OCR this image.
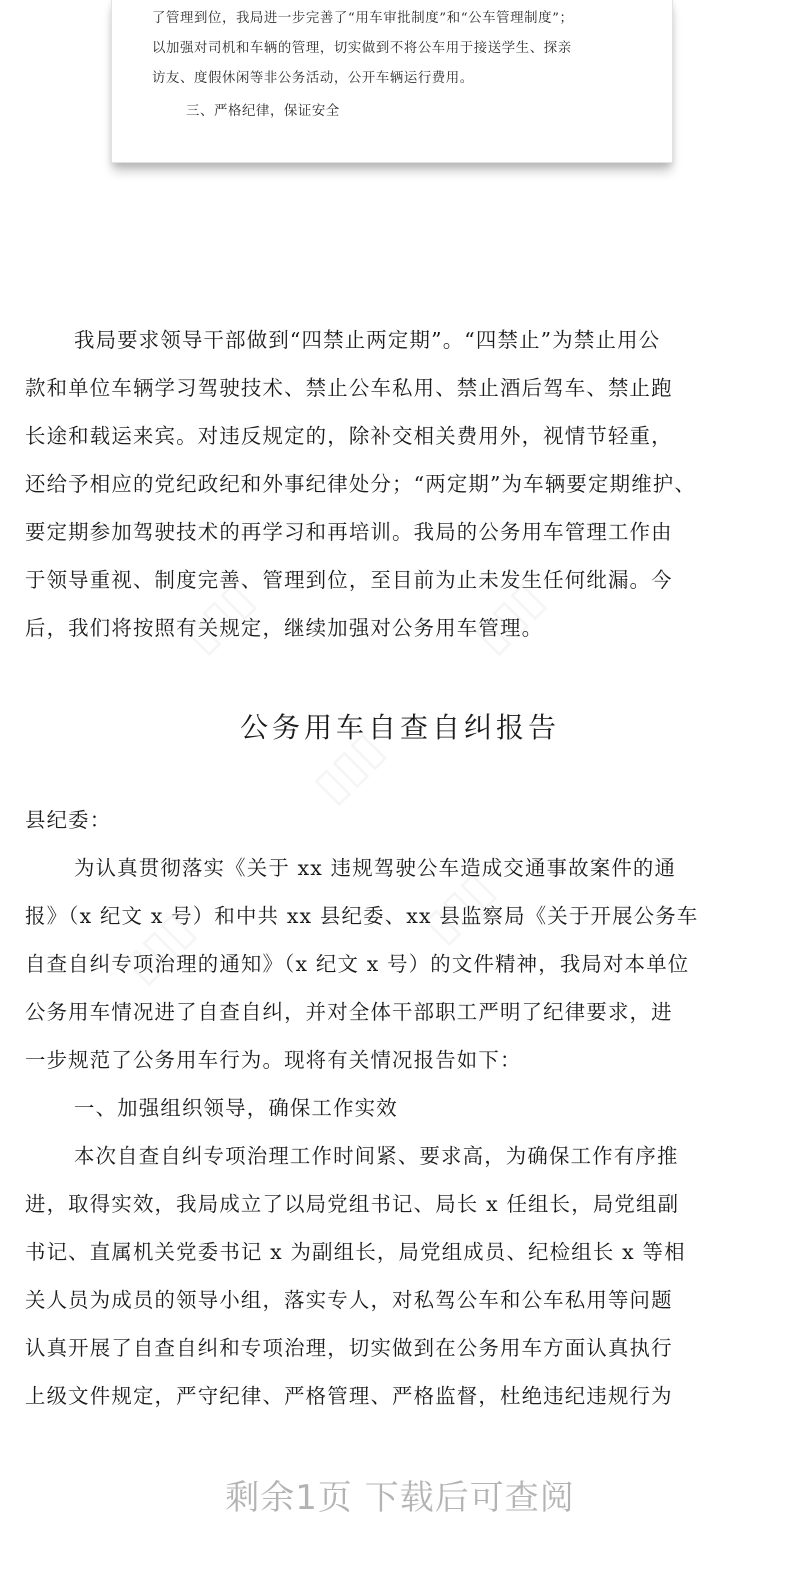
了管理到位，我局进一步完善了“用车审批制度”和“公车管理制度”；
以加强对司机和车辆的管理，切实做到不将公车用于接送学生、探亲
访友、度假休闲等非公务活动，公开车辆运行费用。
三、严格纪律，保证安全
▯▯▯	▯▯▯
▯▯▯
▯▯▯	▯▯▯
我局要求领导干部做到“四禁止两定期”。“四禁止”为禁止用公
款和单位车辆学习驾驶技术、禁止公车私用、禁止酒后驾车、禁止跑
长途和载运来宾。对违反规定的，除补交相关费用外，视情节轻重，
还给予相应的党纪政纪和外事纪律处分；“两定期”为车辆要定期维护、
要定期参加驾驶技术的再学习和再培训。我局的公务用车管理工作由
于领导重视、制度完善、管理到位，至目前为止未发生任何纰漏。今
后，我们将按照有关规定，继续加强对公务用车管理。
公务用车自查自纠报告
县纪委：
为认真贯彻落实《关于 xx 违规驾驶公车造成交通事故案件的通
报》（x 纪文 x 号）和中共 xx 县纪委、xx 县监察局《关于开展公务车
自查自纠专项治理的通知》（x 纪文 x 号）的文件精神，我局对本单位
公务用车情况进了自查自纠，并对全体干部职工严明了纪律要求，进
一步规范了公务用车行为。现将有关情况报告如下：
一、加强组织领导，确保工作实效
本次自查自纠专项治理工作时间紧、要求高，为确保工作有序推
进，取得实效，我局成立了以局党组书记、局长 x 任组长，局党组副
书记、直属机关党委书记 x 为副组长，局党组成员、纪检组长 x 等相
关人员为成员的领导小组，落实专人，对私驾公车和公车私用等问题
认真开展了自查自纠和专项治理，切实做到在公务用车方面认真执行
上级文件规定，严守纪律、严格管理、严格监督，杜绝违纪违规行为
剩余1页 下载后可查阅
